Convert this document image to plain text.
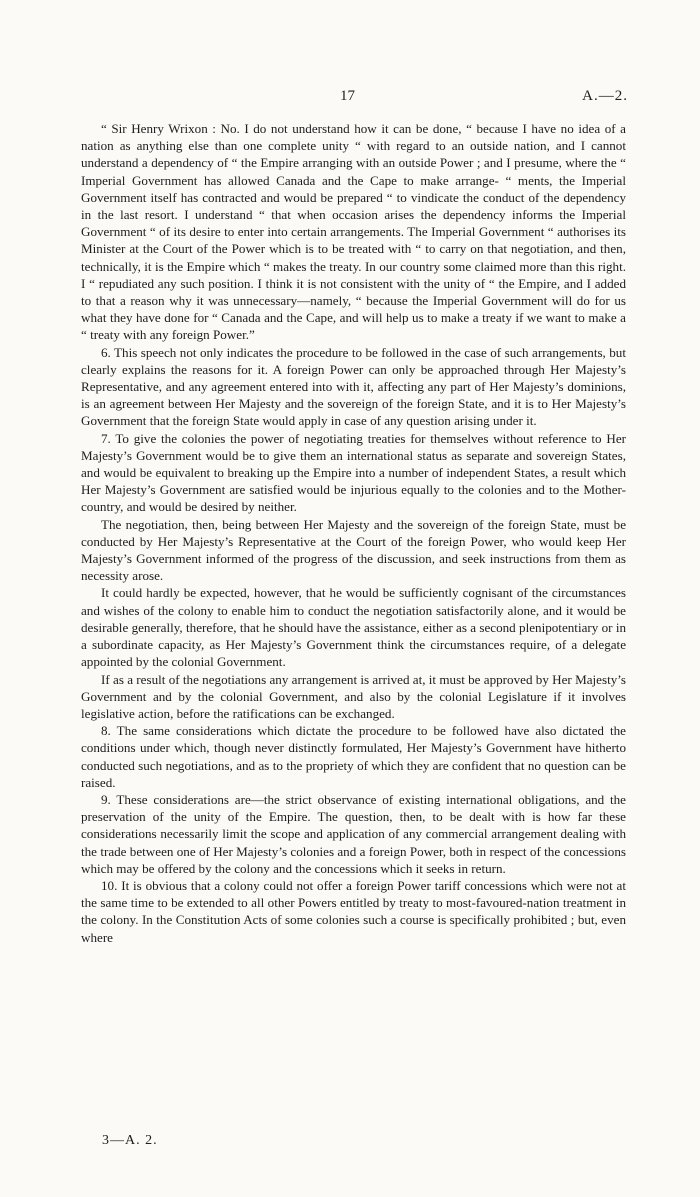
17	A.—2.

“ Sir Henry Wrixon : No. I do not understand how it can be done, “ because I have no idea of a nation as anything else than one complete unity “ with regard to an outside nation, and I cannot understand a dependency of “ the Empire arranging with an outside Power ; and I presume, where the “ Imperial Government has allowed Canada and the Cape to make arrange- “ ments, the Imperial Government itself has contracted and would be prepared “ to vindicate the conduct of the dependency in the last resort. I understand “ that when occasion arises the dependency informs the Imperial Government “ of its desire to enter into certain arrangements. The Imperial Government “ authorises its Minister at the Court of the Power which is to be treated with “ to carry on that negotiation, and then, technically, it is the Empire which “ makes the treaty. In our country some claimed more than this right. I “ repudiated any such position. I think it is not consistent with the unity of “ the Empire, and I added to that a reason why it was unnecessary—namely, “ because the Imperial Government will do for us what they have done for “ Canada and the Cape, and will help us to make a treaty if we want to make a “ treaty with any foreign Power.”

6. This speech not only indicates the procedure to be followed in the case of such arrangements, but clearly explains the reasons for it. A foreign Power can only be approached through Her Majesty’s Representative, and any agreement entered into with it, affecting any part of Her Majesty’s dominions, is an agreement between Her Majesty and the sovereign of the foreign State, and it is to Her Majesty’s Government that the foreign State would apply in case of any question arising under it.

7. To give the colonies the power of negotiating treaties for themselves without reference to Her Majesty’s Government would be to give them an international status as separate and sovereign States, and would be equivalent to breaking up the Empire into a number of independent States, a result which Her Majesty’s Government are satisfied would be injurious equally to the colonies and to the Mother-country, and would be desired by neither.

The negotiation, then, being between Her Majesty and the sovereign of the foreign State, must be conducted by Her Majesty’s Representative at the Court of the foreign Power, who would keep Her Majesty’s Government informed of the progress of the discussion, and seek instructions from them as necessity arose.

It could hardly be expected, however, that he would be sufficiently cognisant of the circumstances and wishes of the colony to enable him to conduct the negotiation satisfactorily alone, and it would be desirable generally, therefore, that he should have the assistance, either as a second plenipotentiary or in a subordinate capacity, as Her Majesty’s Government think the circumstances require, of a delegate appointed by the colonial Government.

If as a result of the negotiations any arrangement is arrived at, it must be approved by Her Majesty’s Government and by the colonial Government, and also by the colonial Legislature if it involves legislative action, before the ratifications can be exchanged.

8. The same considerations which dictate the procedure to be followed have also dictated the conditions under which, though never distinctly formulated, Her Majesty’s Government have hitherto conducted such negotiations, and as to the propriety of which they are confident that no question can be raised.

9. These considerations are—the strict observance of existing international obligations, and the preservation of the unity of the Empire. The question, then, to be dealt with is how far these considerations necessarily limit the scope and application of any commercial arrangement dealing with the trade between one of Her Majesty’s colonies and a foreign Power, both in respect of the concessions which may be offered by the colony and the concessions which it seeks in return.

10. It is obvious that a colony could not offer a foreign Power tariff concessions which were not at the same time to be extended to all other Powers entitled by treaty to most-favoured-nation treatment in the colony. In the Constitution Acts of some colonies such a course is specifically prohibited ; but, even where

3—A. 2.
